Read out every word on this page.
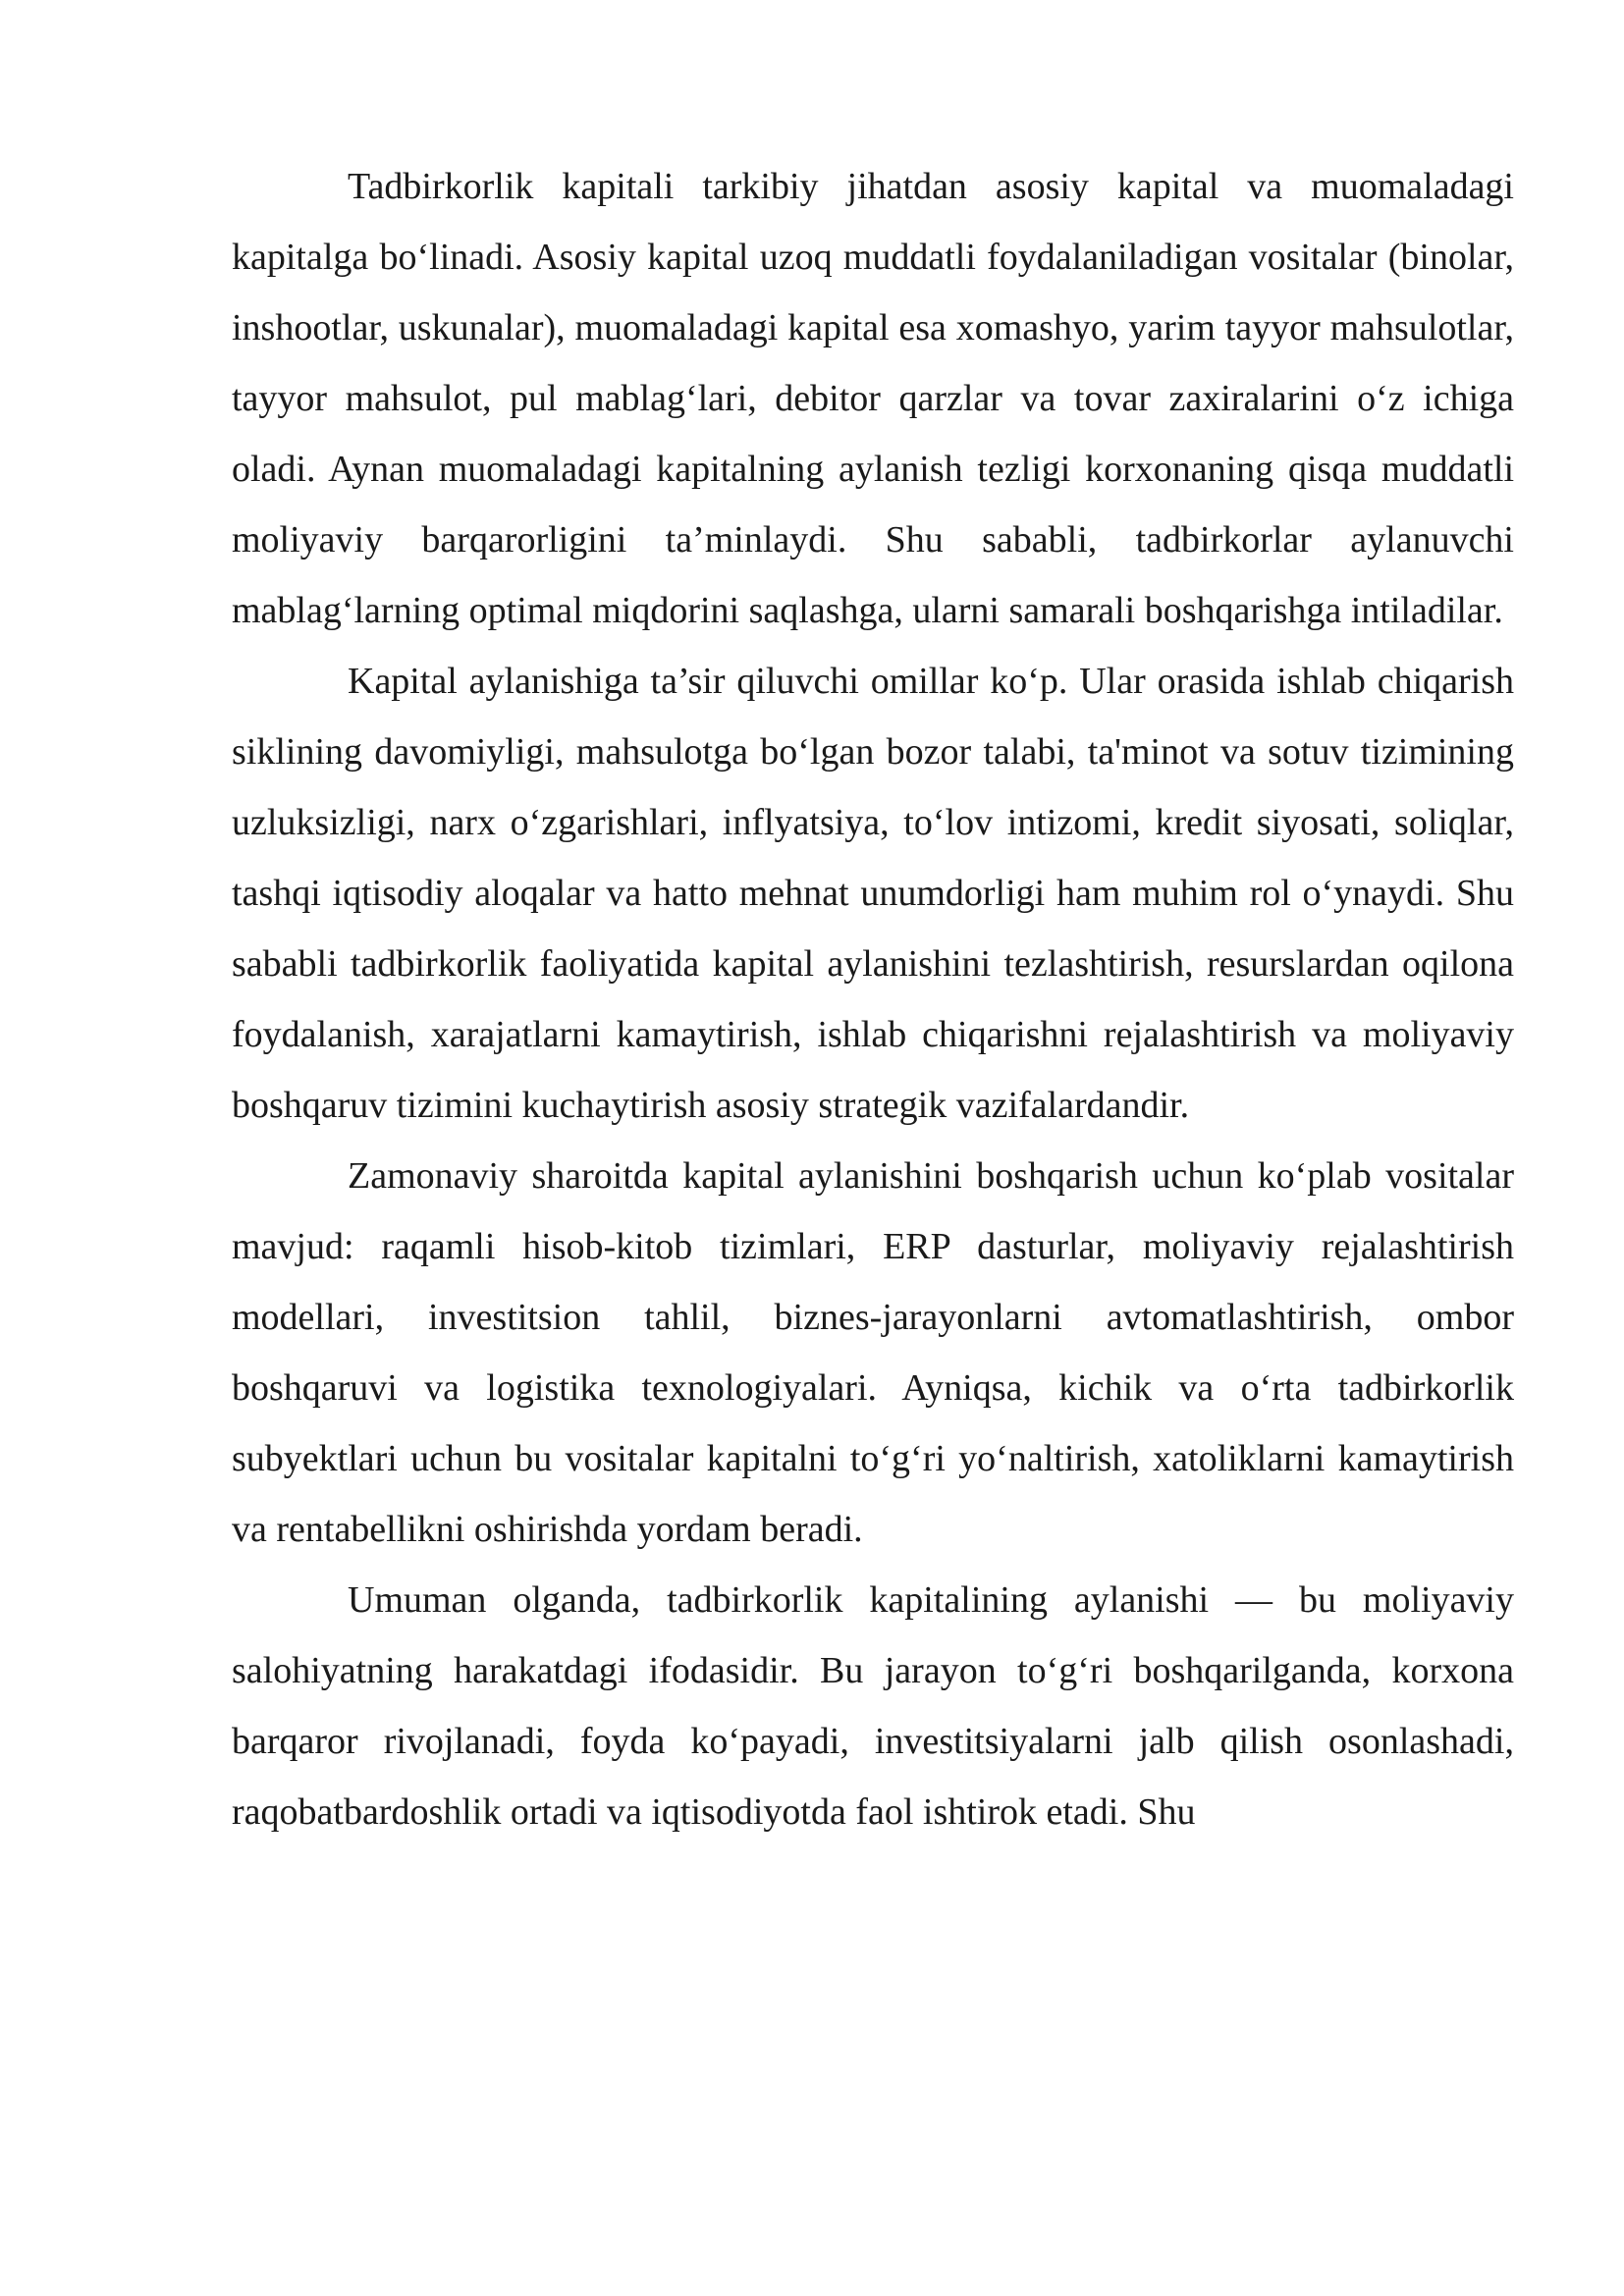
Tadbirkorlik kapitali tarkibiy jihatdan asosiy kapital va muomaladagi kapitalga bo‘linadi. Asosiy kapital uzoq muddatli foydalaniladigan vositalar (binolar, inshootlar, uskunalar), muomaladagi kapital esa xomashyo, yarim tayyor mahsulotlar, tayyor mahsulot, pul mablag‘lari, debitor qarzlar va tovar zaxiralarini o‘z ichiga oladi. Aynan muomaladagi kapitalning aylanish tezligi korxonaning qisqa muddatli moliyaviy barqarorligini ta’minlaydi. Shu sababli, tadbirkorlar aylanuvchi mablag‘larning optimal miqdorini saqlashga, ularni samarali boshqarishga intiladilar.

Kapital aylanishiga ta’sir qiluvchi omillar ko‘p. Ular orasida ishlab chiqarish siklining davomiyligi, mahsulotga bo‘lgan bozor talabi, ta'minot va sotuv tizimining uzluksizligi, narx o‘zgarishlari, inflyatsiya, to‘lov intizomi, kredit siyosati, soliqlar, tashqi iqtisodiy aloqalar va hatto mehnat unumdorligi ham muhim rol o‘ynaydi. Shu sababli tadbirkorlik faoliyatida kapital aylanishini tezlashtirish, resurslardan oqilona foydalanish, xarajatlarni kamaytirish, ishlab chiqarishni rejalashtirish va moliyaviy boshqaruv tizimini kuchaytirish asosiy strategik vazifalardandir.

Zamonaviy sharoitda kapital aylanishini boshqarish uchun ko‘plab vositalar mavjud: raqamli hisob-kitob tizimlari, ERP dasturlar, moliyaviy rejalashtirish modellari, investitsion tahlil, biznes-jarayonlarni avtomatlashtirish, ombor boshqaruvi va logistika texnologiyalari. Ayniqsa, kichik va o‘rta tadbirkorlik subyektlari uchun bu vositalar kapitalni to‘g‘ri yo‘naltirish, xatoliklarni kamaytirish va rentabellikni oshirishda yordam beradi.

Umuman olganda, tadbirkorlik kapitalining aylanishi — bu moliyaviy salohiyatning harakatdagi ifodasidir. Bu jarayon to‘g‘ri boshqarilganda, korxona barqaror rivojlanadi, foyda ko‘payadi, investitsiyalarni jalb qilish osonlashadi, raqobatbardoshlik ortadi va iqtisodiyotda faol ishtirok etadi. Shu
